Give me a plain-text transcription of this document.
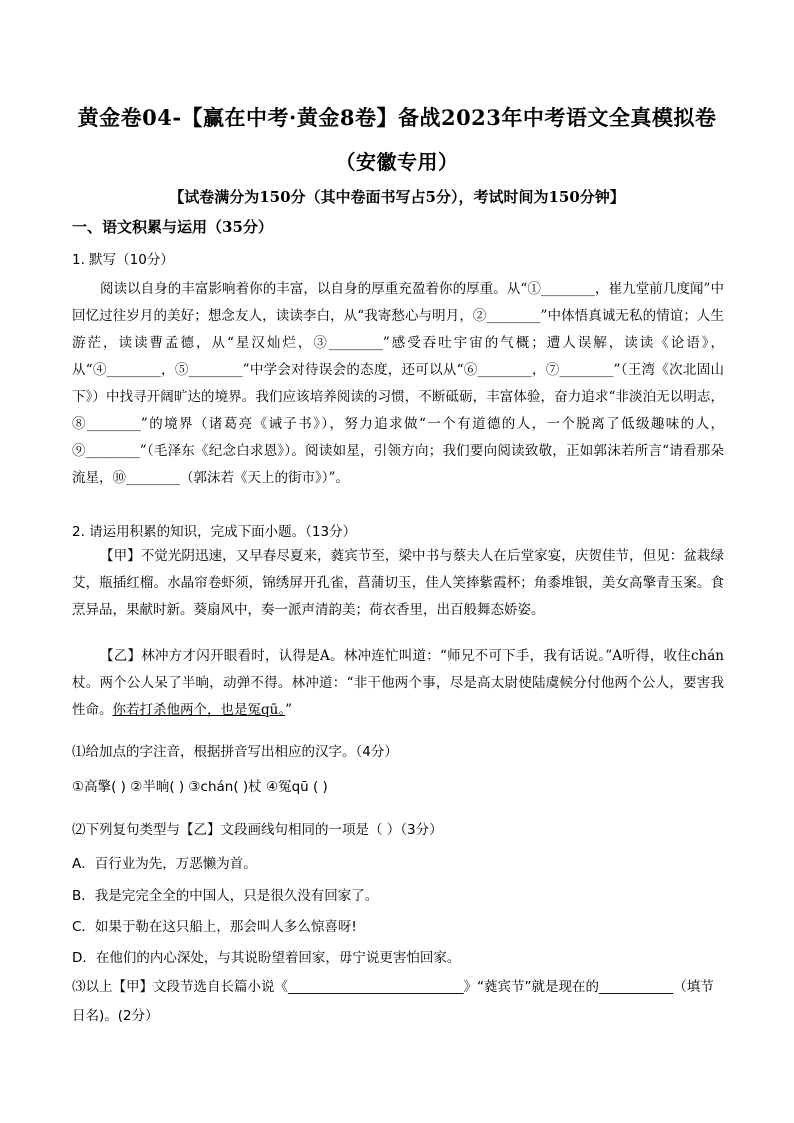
黄金卷04-【赢在中考·黄金8卷】备战2023年中考语文全真模拟卷
（安徽专用）
【试卷满分为150分（其中卷面书写占5分），考试时间为150分钟】
一、语文积累与运用（35分）
1. 默写（10分）
阅读以自身的丰富影响着你的丰富，以自身的厚重充盈着你的厚重。从“①________，崔九堂前几度闻”中回忆过往岁月的美好；想念友人，读读李白，从“我寄愁心与明月，②________”中体悟真诚无私的情谊；人生游茫，读读曹孟德，从“星汉灿烂，③________”感受吞吐宇宙的气概；遭人误解，读读《论语》，从“④________，⑤________”中学会对待误会的态度，还可以从“⑥________，⑦________”（王湾《次北固山下》）中找寻开阔旷达的境界。我们应该培养阅读的习惯，不断砥砺，丰富体验，奋力追求“非淡泊无以明志，⑧________”的境界（诸葛亮《诫子书》），努力追求做“一个有道德的人，一个脱离了低级趣味的人，⑨________”（毛泽东《纪念白求恩》）。阅读如星，引领方向；我们要向阅读致敬，正如郭沫若所言“请看那朵流星，⑩________（郭沫若《天上的街市》）”。
2. 请运用积累的知识，完成下面小题。（13分）
【甲】不觉光阴迅速，又早春尽夏来，蕤宾节至，梁中书与蔡夫人在后堂家宴，庆贺佳节，但见：盆栽绿艾，瓶插红榴。水晶帘卷虾须，锦绣屏开孔雀，菖蒲切玉，佳人笑捧紫霞杯；角黍堆银，美女高擎青玉案。食烹异品，果献时新。葵扇风中，奏一派声清韵美；荷衣香里，出百般舞态娇姿。
【乙】林冲方才闪开眼看时，认得是A。林冲连忙叫道：“师兄不可下手，我有话说。”A听得，收住chán杖。两个公人呆了半晌，动弹不得。林冲道：“非干他两个事，尽是高太尉使陆虞候分付他两个公人，要害我性命。你若打杀他两个，也是冤qū。”
⑴给加点的字注音，根据拼音写出相应的汉字。（4分）
①高擎( ) ②半晌( ) ③chán( )杖 ④冤qū ( )
⑵下列复句类型与【乙】文段画线句相同的一项是（ ）（3分）
A．百行业为先，万恶懒为首。
B．我是完完全全的中国人，只是很久没有回家了。
C．如果于勒在这只船上，那会叫人多么惊喜呀!
D．在他们的内心深处，与其说盼望着回家，毋宁说更害怕回家。
⑶以上【甲】文段节选自长篇小说《__________________________》“蕤宾节”就是现在的___________（填节日名)。(2分）
